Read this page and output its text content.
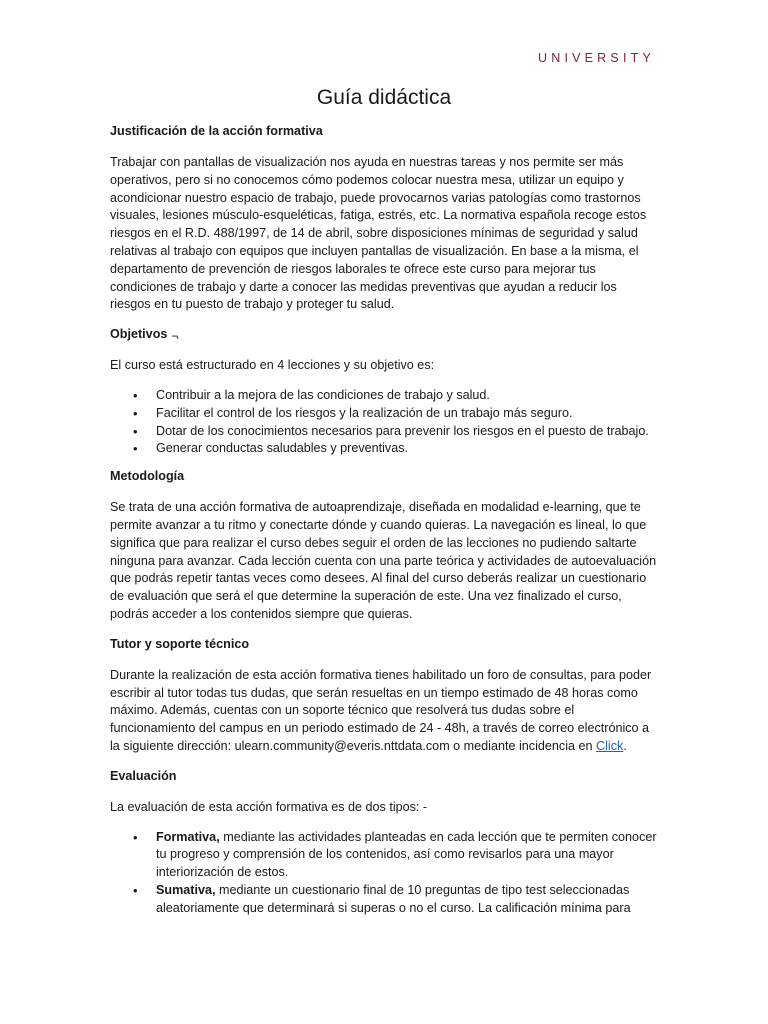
UNIVERSITY
Guía didáctica

Justificación de la acción formativa

Trabajar con pantallas de visualización nos ayuda en nuestras tareas y nos permite ser más operativos, pero si no conocemos cómo podemos colocar nuestra mesa, utilizar un equipo y acondicionar nuestro espacio de trabajo, puede provocarnos varias patologías como trastornos visuales, lesiones músculo-esqueléticas, fatiga, estrés, etc. La normativa española recoge estos riesgos en el R.D. 488/1997, de 14 de abril, sobre disposiciones mínimas de seguridad y salud relativas al trabajo con equipos que incluyen pantallas de visualización. En base a la misma, el departamento de prevención de riesgos laborales te ofrece este curso para mejorar tus condiciones de trabajo y darte a conocer las medidas preventivas que ayudan a reducir los riesgos en tu puesto de trabajo y proteger tu salud.

Objetivos ¬

El curso está estructurado en 4 lecciones y su objetivo es:

• Contribuir a la mejora de las condiciones de trabajo y salud.
• Facilitar el control de los riesgos y la realización de un trabajo más seguro.
• Dotar de los conocimientos necesarios para prevenir los riesgos en el puesto de trabajo.
• Generar conductas saludables y preventivas.

Metodología

Se trata de una acción formativa de autoaprendizaje, diseñada en modalidad e-learning, que te permite avanzar a tu ritmo y conectarte dónde y cuando quieras. La navegación es lineal, lo que significa que para realizar el curso debes seguir el orden de las lecciones no pudiendo saltarte ninguna para avanzar. Cada lección cuenta con una parte teórica y actividades de autoevaluación que podrás repetir tantas veces como desees. Al final del curso deberás realizar un cuestionario de evaluación que será el que determine la superación de este. Una vez finalizado el curso, podrás acceder a los contenidos siempre que quieras.

Tutor y soporte técnico

Durante la realización de esta acción formativa tienes habilitado un foro de consultas, para poder escribir al tutor todas tus dudas, que serán resueltas en un tiempo estimado de 48 horas como máximo. Además, cuentas con un soporte técnico que resolverá tus dudas sobre el funcionamiento del campus en un periodo estimado de 24 - 48h, a través de correo electrónico a la siguiente dirección: ulearn.community@everis.nttdata.com o mediante incidencia en Click.

Evaluación

La evaluación de esta acción formativa es de dos tipos: -

• Formativa, mediante las actividades planteadas en cada lección que te permiten conocer tu progreso y comprensión de los contenidos, así como revisarlos para una mayor interiorización de estos.
• Sumativa, mediante un cuestionario final de 10 preguntas de tipo test seleccionadas aleatoriamente que determinará si superas o no el curso. La calificación mínima para
